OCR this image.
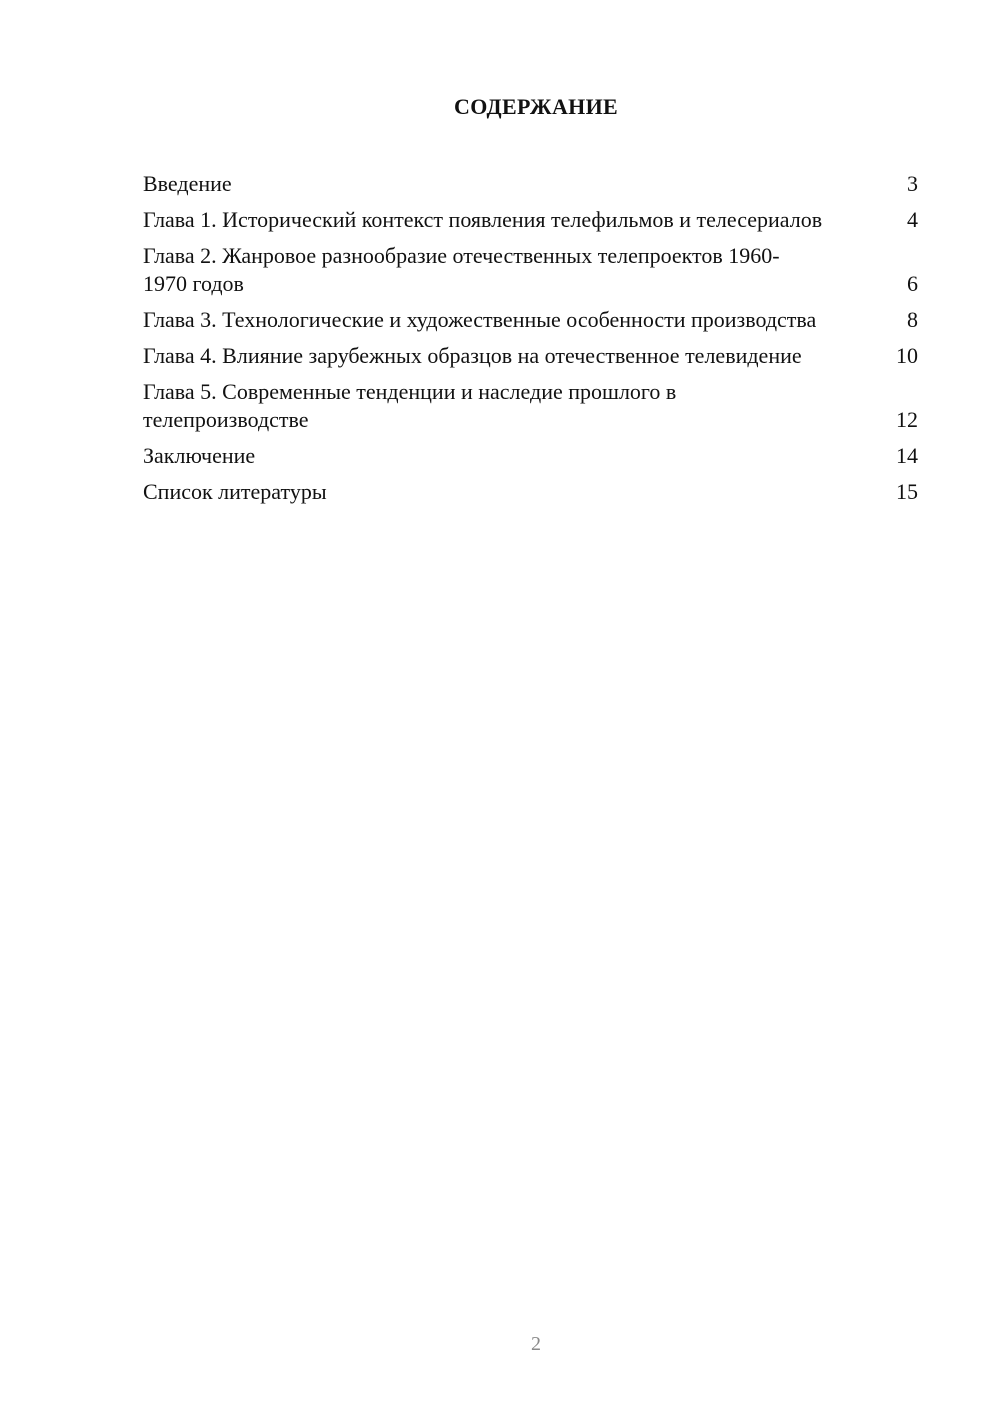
СОДЕРЖАНИЕ
Введение	3
Глава 1. Исторический контекст появления телефильмов и телесериалов	4
Глава 2. Жанровое разнообразие отечественных телепроектов 1960-1970 годов	6
Глава 3. Технологические и художественные особенности производства	8
Глава 4. Влияние зарубежных образцов на отечественное телевидение	10
Глава 5. Современные тенденции и наследие прошлого в телепроизводстве	12
Заключение	14
Список литературы	15
2
